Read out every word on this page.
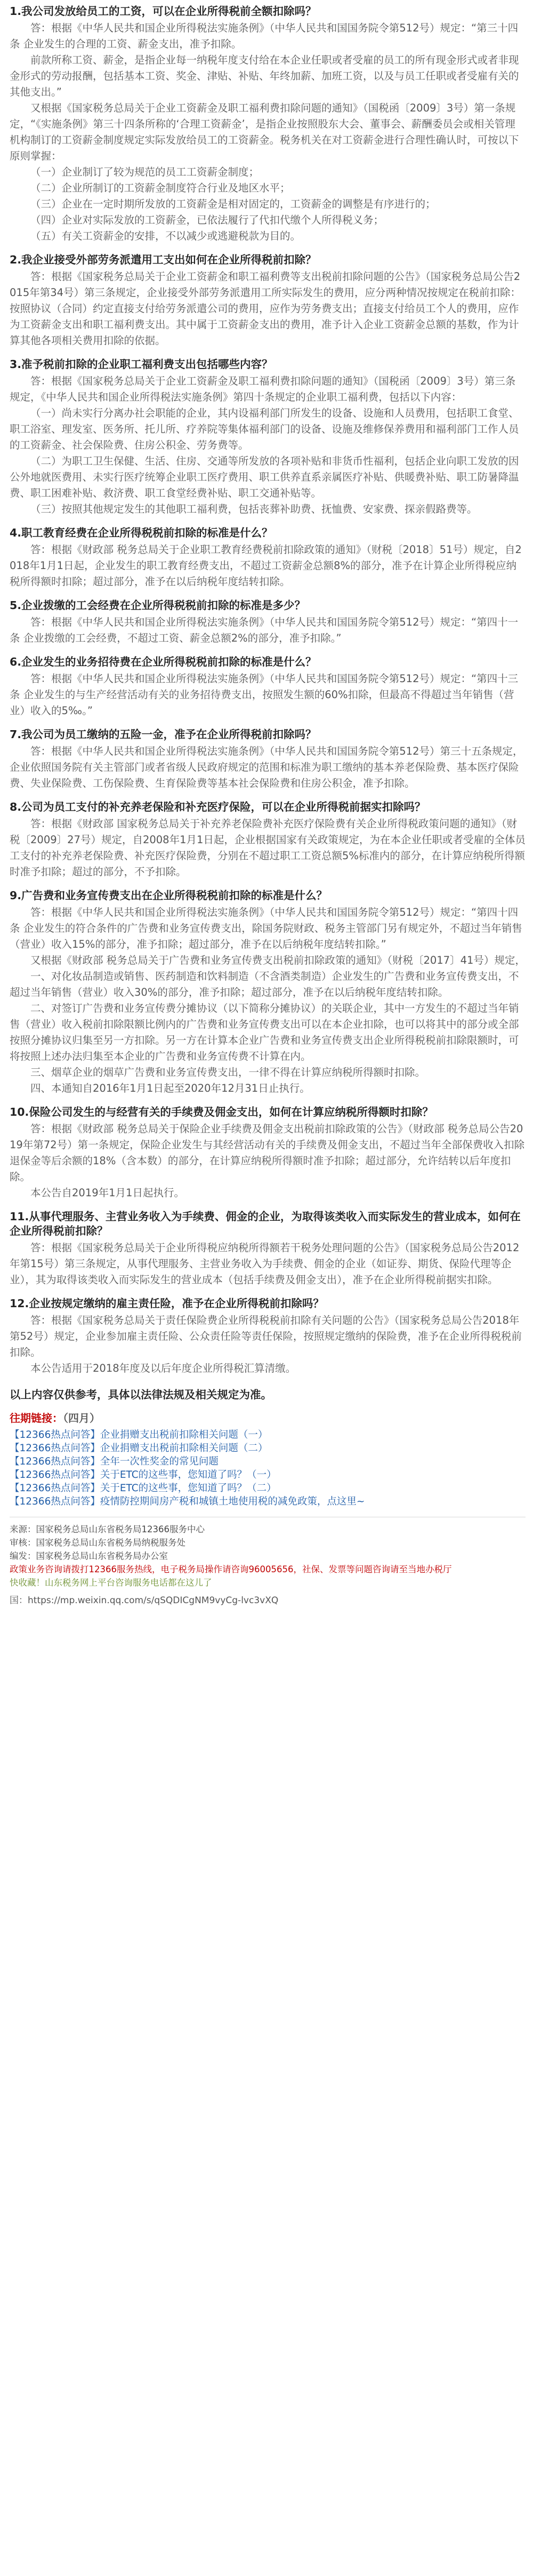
1.我公司发放给员工的工资，可以在企业所得税前全额扣除吗？

答：根据《中华人民共和国企业所得税法实施条例》（中华人民共和国国务院令第512号）规定：“第三十四条 企业发生的合理的工资、薪金支出，准予扣除。

前款所称工资、薪金，是指企业每一纳税年度支付给在本企业任职或者受雇的员工的所有现金形式或者非现金形式的劳动报酬，包括基本工资、奖金、津贴、补贴、年终加薪、加班工资，以及与员工任职或者受雇有关的其他支出。”

又根据《国家税务总局关于企业工资薪金及职工福利费扣除问题的通知》（国税函〔2009〕3号）第一条规定，“《实施条例》第三十四条所称的‘合理工资薪金’，是指企业按照股东大会、董事会、薪酬委员会或相关管理机构制订的工资薪金制度规定实际发放给员工的工资薪金。税务机关在对工资薪金进行合理性确认时，可按以下原则掌握：

（一）企业制订了较为规范的员工工资薪金制度；

（二）企业所制订的工资薪金制度符合行业及地区水平；

（三）企业在一定时期所发放的工资薪金是相对固定的，工资薪金的调整是有序进行的；

（四）企业对实际发放的工资薪金，已依法履行了代扣代缴个人所得税义务；

（五）有关工资薪金的安排，不以减少或逃避税款为目的。

2.我企业接受外部劳务派遣用工支出如何在企业所得税前扣除？

答：根据《国家税务总局关于企业工资薪金和职工福利费等支出税前扣除问题的公告》（国家税务总局公告2015年第34号）第三条规定，企业接受外部劳务派遣用工所实际发生的费用，应分两种情况按规定在税前扣除：按照协议（合同）约定直接支付给劳务派遣公司的费用，应作为劳务费支出；直接支付给员工个人的费用，应作为工资薪金支出和职工福利费支出。其中属于工资薪金支出的费用，准予计入企业工资薪金总额的基数，作为计算其他各项相关费用扣除的依据。

3.准予税前扣除的企业职工福利费支出包括哪些内容？

答：根据《国家税务总局关于企业工资薪金及职工福利费扣除问题的通知》（国税函〔2009〕3号）第三条规定，《中华人民共和国企业所得税法实施条例》第四十条规定的企业职工福利费，包括以下内容：

（一）尚未实行分离办社会职能的企业，其内设福利部门所发生的设备、设施和人员费用，包括职工食堂、职工浴室、理发室、医务所、托儿所、疗养院等集体福利部门的设备、设施及维修保养费用和福利部门工作人员的工资薪金、社会保险费、住房公积金、劳务费等。

（二）为职工卫生保健、生活、住房、交通等所发放的各项补贴和非货币性福利，包括企业向职工发放的因公外地就医费用、未实行医疗统筹企业职工医疗费用、职工供养直系亲属医疗补贴、供暖费补贴、职工防暑降温费、职工困难补贴、救济费、职工食堂经费补贴、职工交通补贴等。

（三）按照其他规定发生的其他职工福利费，包括丧葬补助费、抚恤费、安家费、探亲假路费等。

4.职工教育经费在企业所得税税前扣除的标准是什么？

答：根据《财政部 税务总局关于企业职工教育经费税前扣除政策的通知》（财税〔2018〕51号）规定，自2018年1月1日起，企业发生的职工教育经费支出，不超过工资薪金总额8%的部分，准予在计算企业所得税应纳税所得额时扣除；超过部分，准予在以后纳税年度结转扣除。

5.企业拨缴的工会经费在企业所得税税前扣除的标准是多少？

答：根据《中华人民共和国企业所得税法实施条例》（中华人民共和国国务院令第512号）规定：“第四十一条 企业拨缴的工会经费，不超过工资、薪金总额2%的部分，准予扣除。”

6.企业发生的业务招待费在企业所得税税前扣除的标准是什么？

答：根据《中华人民共和国企业所得税法实施条例》（中华人民共和国国务院令第512号）规定：“第四十三条 企业发生的与生产经营活动有关的业务招待费支出，按照发生额的60%扣除，但最高不得超过当年销售（营业）收入的5‰。”

7.我公司为员工缴纳的五险一金，准予在企业所得税前扣除吗？

答：根据《中华人民共和国企业所得税法实施条例》（中华人民共和国国务院令第512号）第三十五条规定，企业依照国务院有关主管部门或者省级人民政府规定的范围和标准为职工缴纳的基本养老保险费、基本医疗保险费、失业保险费、工伤保险费、生育保险费等基本社会保险费和住房公积金，准予扣除。

8.公司为员工支付的补充养老保险和补充医疗保险，可以在企业所得税前据实扣除吗？

答：根据《财政部 国家税务总局关于补充养老保险费补充医疗保险费有关企业所得税政策问题的通知》（财税〔2009〕27号）规定，自2008年1月1日起，企业根据国家有关政策规定，为在本企业任职或者受雇的全体员工支付的补充养老保险费、补充医疗保险费，分别在不超过职工工资总额5%标准内的部分，在计算应纳税所得额时准予扣除；超过的部分，不予扣除。

9.广告费和业务宣传费支出在企业所得税税前扣除的标准是什么？

答：根据《中华人民共和国企业所得税法实施条例》（中华人民共和国国务院令第512号）规定：“第四十四条 企业发生的符合条件的广告费和业务宣传费支出，除国务院财政、税务主管部门另有规定外，不超过当年销售（营业）收入15%的部分，准予扣除；超过部分，准予在以后纳税年度结转扣除。”

又根据《财政部 税务总局关于广告费和业务宣传费支出税前扣除政策的通知》（财税〔2017〕41号）规定，

一、对化妆品制造或销售、医药制造和饮料制造（不含酒类制造）企业发生的广告费和业务宣传费支出，不超过当年销售（营业）收入30%的部分，准予扣除；超过部分，准予在以后纳税年度结转扣除。

二、对签订广告费和业务宣传费分摊协议（以下简称分摊协议）的关联企业，其中一方发生的不超过当年销售（营业）收入税前扣除限额比例内的广告费和业务宣传费支出可以在本企业扣除，也可以将其中的部分或全部按照分摊协议归集至另一方扣除。另一方在计算本企业广告费和业务宣传费支出企业所得税税前扣除限额时，可将按照上述办法归集至本企业的广告费和业务宣传费不计算在内。

三、烟草企业的烟草广告费和业务宣传费支出，一律不得在计算应纳税所得额时扣除。

四、本通知自2016年1月1日起至2020年12月31日止执行。

10.保险公司发生的与经营有关的手续费及佣金支出，如何在计算应纳税所得额时扣除？

答：根据《财政部 税务总局关于保险企业手续费及佣金支出税前扣除政策的公告》（财政部 税务总局公告2019年第72号）第一条规定，保险企业发生与其经营活动有关的手续费及佣金支出，不超过当年全部保费收入扣除退保金等后余额的18%（含本数）的部分，在计算应纳税所得额时准予扣除；超过部分，允许结转以后年度扣除。

本公告自2019年1月1日起执行。

11.从事代理服务、主营业务收入为手续费、佣金的企业，为取得该类收入而实际发生的营业成本，如何在企业所得税前扣除？

答：根据《国家税务总局关于企业所得税应纳税所得额若干税务处理问题的公告》（国家税务总局公告2012年第15号）第三条规定，从事代理服务、主营业务收入为手续费、佣金的企业（如证券、期货、保险代理等企业），其为取得该类收入而实际发生的营业成本（包括手续费及佣金支出），准予在企业所得税前据实扣除。

12.企业按规定缴纳的雇主责任险，准予在企业所得税前扣除吗？

答：根据《国家税务总局关于责任保险费企业所得税税前扣除有关问题的公告》（国家税务总局公告2018年第52号）规定，企业参加雇主责任险、公众责任险等责任保险，按照规定缴纳的保险费，准予在企业所得税税前扣除。

本公告适用于2018年度及以后年度企业所得税汇算清缴。

以上内容仅供参考，具体以法律法规及相关规定为准。

往期链接：（四月）
【12366热点问答】企业捐赠支出税前扣除相关问题（一）
【12366热点问答】企业捐赠支出税前扣除相关问题（二）
【12366热点问答】全年一次性奖金的常见问题
【12366热点问答】关于ETC的这些事，您知道了吗？（一）
【12366热点问答】关于ETC的这些事，您知道了吗？（二）
【12366热点问答】疫情防控期间房产税和城镇土地使用税的减免政策，点这里~

来源：国家税务总局山东省税务局12366服务中心

审核：国家税务总局山东省税务局纳税服务处

编发：国家税务总局山东省税务局办公室

政策业务咨询请拨打12366服务热线，电子税务局操作请咨询96005656，社保、发票等问题咨询请至当地办税厅

快收藏！山东税务网上平台咨询服务电话都在这儿了

国：https://mp.weixin.qq.com/s/qSQDICgNM9vyCg-lvc3vXQ
